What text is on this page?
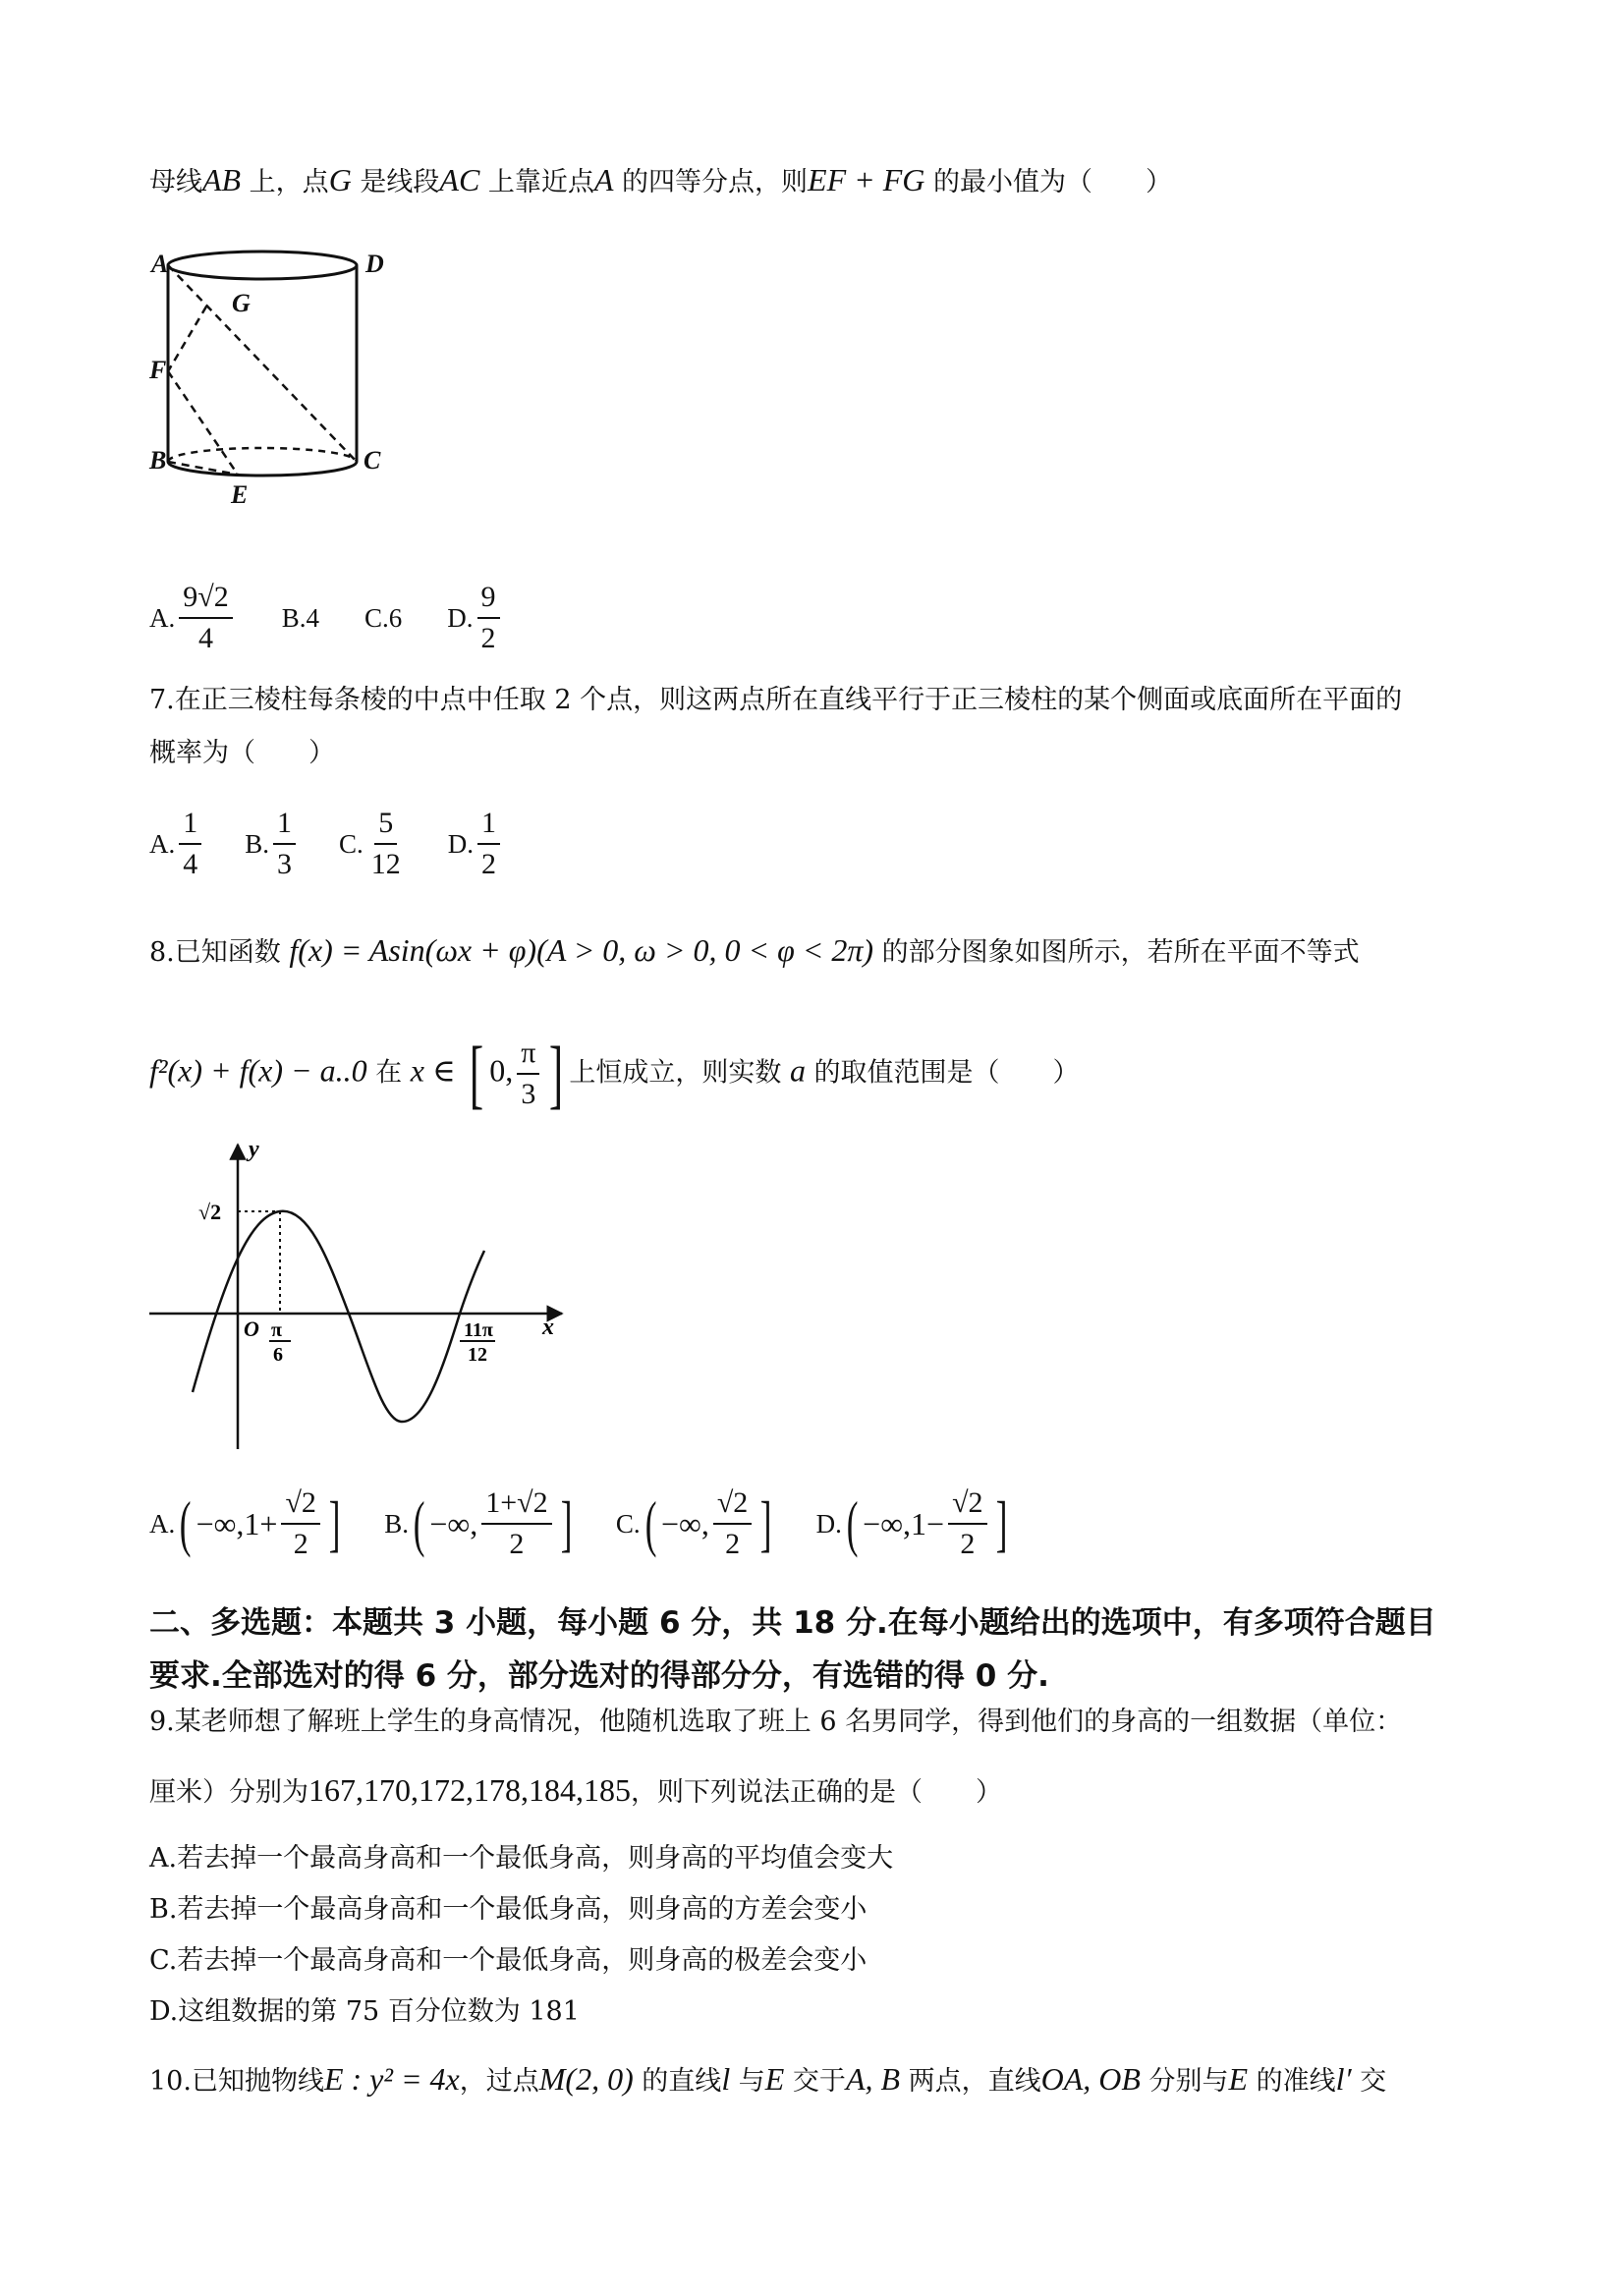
母线AB 上，点G 是线段AC 上靠近点A 的四等分点，则EF + FG 的最小值为（　　）
A	D
G
F
B	C
E
A. $\frac{9√2}{4} B.4$ C.6 D. $\frac{9}{2}$
7.在正三棱柱每条棱的中点中任取 2 个点，则这两点所在直线平行于正三棱柱的某个侧面或底面所在平面的
概率为（　　）
A. $\frac{1}{4} B$. $\frac{1}{3} C$. $\frac{5}{12} D$. $\frac{1}{2}$
8.已知函数 f(x) = Asin(ωx + φ)(A > 0, ω > 0, 0 < φ < 2π) 的部分图象如图所示，若所在平面不等式
f²(x) + f(x) − a..0 在 x ∈ [ 0, $\frac{\pi}{3}$ ] 上恒成立，则实数 a 的取值范围是（　　）
y
x
O
√2
π
6
11π
12
A. ( $-\infty,1+ \frac{√2}{2}$ ] B. ( −∞, $\frac{1+√2}{2}$ ] C. ( −∞, $\frac{√2}{2}$ ] D. ( $-\infty,1- \frac{√2}{2}$ ]
二、多选题：本题共 3 小题，每小题 6 分，共 18 分.在每小题给出的选项中，有多项符合题目
要求.全部选对的得 6 分，部分选对的得部分分，有选错的得 0 分.
9.某老师想了解班上学生的身高情况，他随机选取了班上 6 名男同学，得到他们的身高的一组数据（单位：
厘米）分别为167,170,172,178,184,185，则下列说法正确的是（　　）
A.若去掉一个最高身高和一个最低身高，则身高的平均值会变大
B.若去掉一个最高身高和一个最低身高，则身高的方差会变小
C.若去掉一个最高身高和一个最低身高，则身高的极差会变小
D.这组数据的第 75 百分位数为 181
10.已知抛物线E : y² = 4x，过点M(2, 0) 的直线l 与E 交于A, B 两点，直线OA, OB 分别与E 的准线l′ 交
